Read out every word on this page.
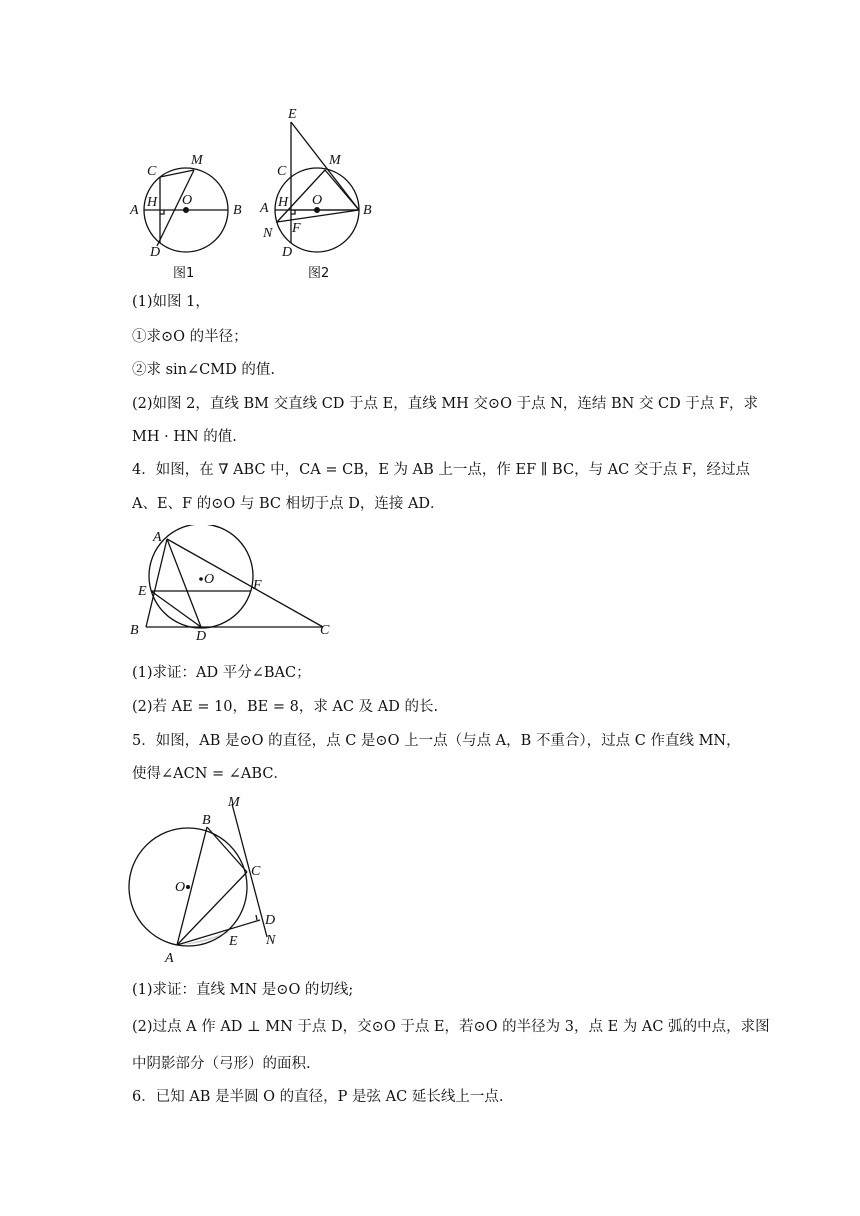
C
M
A
H O
B
D
图1
E
C
M
A H O
B
N F
D
图2
(1)如图 1，
①求⊙O 的半径；
②求 sin∠CMD 的值.
(2)如图 2，直线 BM 交直线 CD 于点 E，直线 MH 交⊙O 于点 N，连结 BN 交 CD 于点 F，求
MH · HN 的值.
4．如图，在 ∇ ABC 中，CA = CB，E 为 AB 上一点，作 EF ∥ BC，与 AC 交于点 F，经过点
A、E、F 的⊙O 与 BC 相切于点 D，连接 AD．
A
O
E	F
B	D	C
(1)求证：AD 平分∠BAC；
(2)若 AE = 10，BE = 8，求 AC 及 AD 的长.
5．如图，AB 是⊙O 的直径，点 C 是⊙O 上一点（与点 A，B 不重合），过点 C 作直线 MN，
使得∠ACN = ∠ABC．
M
B
C
O
D
E
A
N
(1)求证：直线 MN 是⊙O 的切线;
(2)过点 A 作 AD ⊥ MN 于点 D，交⊙O 于点 E，若⊙O 的半径为 3，点 E 为 AC 弧的中点，求图
中阴影部分（弓形）的面积.
6．已知 AB 是半圆 O 的直径，P 是弦 AC 延长线上一点.
